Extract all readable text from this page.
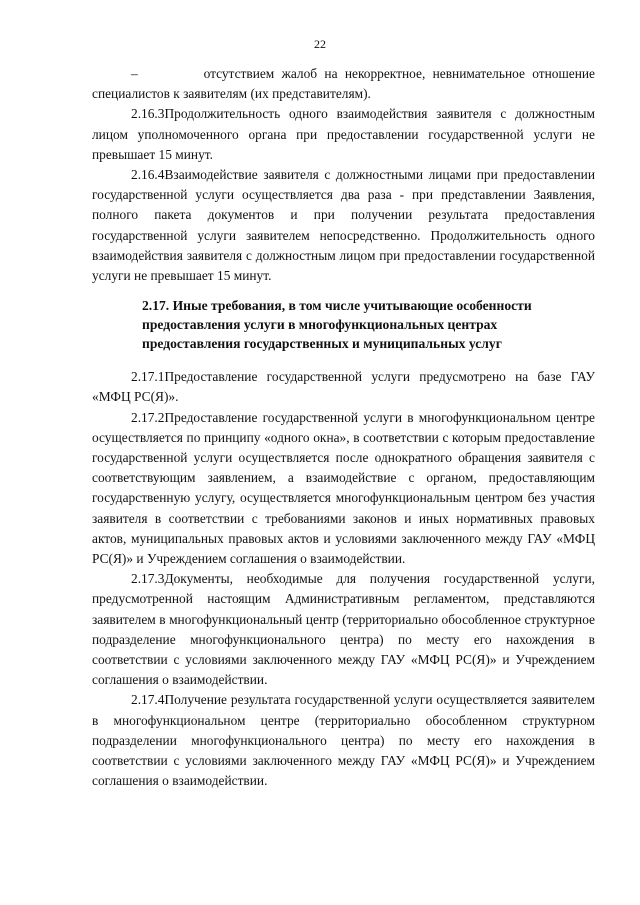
22

–	отсутствием жалоб на некорректное, невнимательное отношение специалистов к заявителям (их представителям).

2.16.3Продолжительность одного взаимодействия заявителя с должностным лицом уполномоченного органа при предоставлении государственной услуги не превышает 15 минут.

2.16.4Взаимодействие заявителя с должностными лицами при предоставлении государственной услуги осуществляется два раза - при представлении Заявления, полного пакета документов и при получении результата предоставления государственной услуги заявителем непосредственно. Продолжительность одного взаимодействия заявителя с должностным лицом при предоставлении государственной услуги не превышает 15 минут.

2.17. Иные требования, в том числе учитывающие особенности
предоставления услуги в многофункциональных центрах
предоставления государственных и муниципальных услуг

2.17.1Предоставление государственной услуги предусмотрено на базе ГАУ «МФЦ РС(Я)».

2.17.2Предоставление государственной услуги в многофункциональном центре осуществляется по принципу «одного окна», в соответствии с которым предоставление государственной услуги осуществляется после однократного обращения заявителя с соответствующим заявлением, а взаимодействие с органом, предоставляющим государственную услугу, осуществляется многофункциональным центром без участия заявителя в соответствии с требованиями законов и иных нормативных правовых актов, муниципальных правовых актов и условиями заключенного между ГАУ «МФЦ РС(Я)» и Учреждением соглашения о взаимодействии.

2.17.3Документы, необходимые для получения государственной услуги, предусмотренной настоящим Административным регламентом, представляются заявителем в многофункциональный центр (территориально обособленное структурное подразделение многофункционального центра) по месту его нахождения в соответствии с условиями заключенного между ГАУ «МФЦ РС(Я)» и Учреждением соглашения о взаимодействии.

2.17.4Получение результата государственной услуги осуществляется заявителем в многофункциональном центре (территориально обособленном структурном подразделении многофункционального центра) по месту его нахождения в соответствии с условиями заключенного между ГАУ «МФЦ РС(Я)» и Учреждением соглашения о взаимодействии.
